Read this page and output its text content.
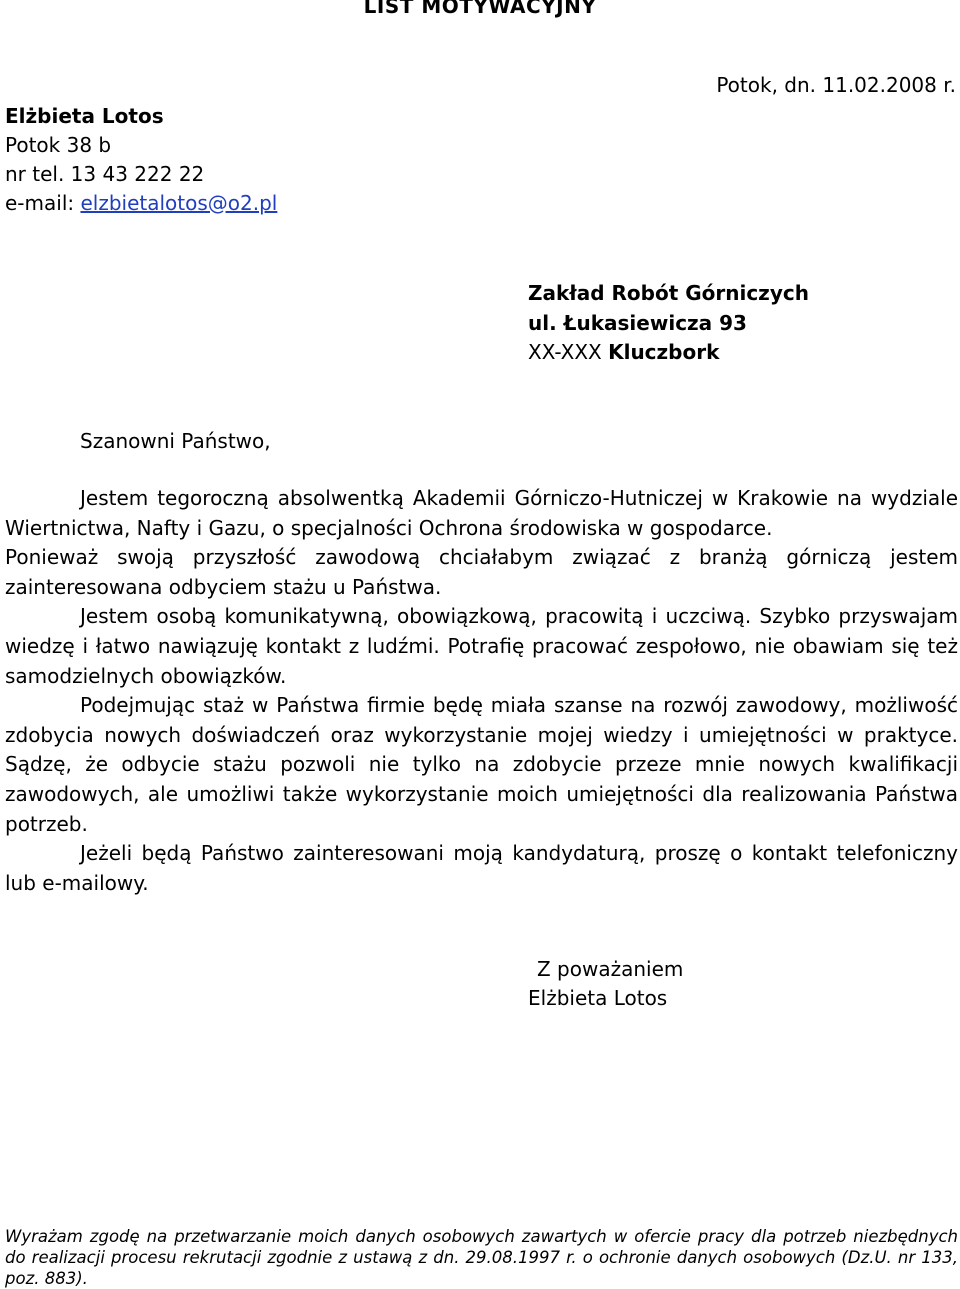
LIST MOTYWACYJNY
Elżbieta Lotos
Potok 38 b
nr tel. 13 43 222 22
e-mail: elzbietalotos@o2.pl
Potok, dn. 11.02.2008 r.
Zakład Robót Górniczych
ul. Łukasiewicza 93
XX-XXX Kluczbork
Szanowni Państwo,

Jestem tegoroczną absolwentką Akademii Górniczo-Hutniczej w Krakowie na wydziale Wiertnictwa, Nafty i Gazu, o specjalności Ochrona środowiska w gospodarce.

Ponieważ swoją przyszłość zawodową chciałabym związać z branżą górniczą jestem zainteresowana odbyciem stażu u Państwa.

Jestem osobą komunikatywną, obowiązkową, pracowitą i uczciwą. Szybko przyswajam wiedzę i łatwo nawiązuję kontakt z ludźmi. Potrafię pracować zespołowo, nie obawiam się też samodzielnych obowiązków.

Podejmując staż w Państwa firmie będę miała szanse na rozwój zawodowy, możliwość zdobycia nowych doświadczeń oraz wykorzystanie mojej wiedzy i umiejętności w praktyce. Sądzę, że odbycie stażu pozwoli nie tylko na zdobycie przeze mnie nowych kwalifikacji zawodowych, ale umożliwi także wykorzystanie moich umiejętności dla realizowania Państwa potrzeb.

Jeżeli będą Państwo zainteresowani moją kandydaturą, proszę o kontakt telefoniczny lub e-mailowy.

Z poważaniem
Elżbieta Lotos
Wyrażam zgodę na przetwarzanie moich danych osobowych zawartych w ofercie pracy dla potrzeb niezbędnych do realizacji procesu rekrutacji zgodnie z ustawą z dn. 29.08.1997 r. o ochronie danych osobowych (Dz.U. nr 133, poz. 883).
